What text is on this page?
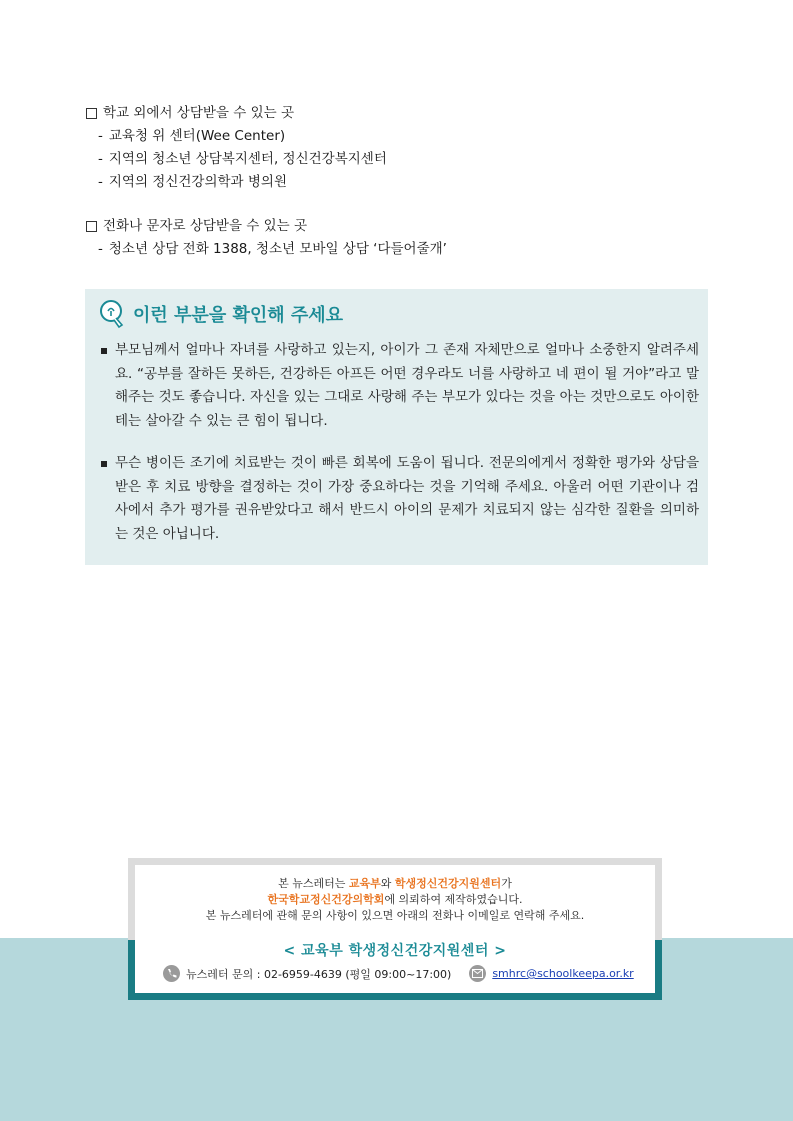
학교 외에서 상담받을 수 있는 곳
- 교육청 위 센터(Wee Center)
- 지역의 청소년 상담복지센터, 정신건강복지센터
- 지역의 정신건강의학과 병의원
전화나 문자로 상담받을 수 있는 곳
- 청소년 상담 전화 1388, 청소년 모바일 상담 ‘다들어줄개’
이런 부분을 확인해 주세요
부모님께서 얼마나 자녀를 사랑하고 있는지, 아이가 그 존재 자체만으로 얼마나 소중한지 알려주세요. “공부를 잘하든 못하든, 건강하든 아프든 어떤 경우라도 너를 사랑하고 네 편이 될 거야”라고 말해주는 것도 좋습니다. 자신을 있는 그대로 사랑해 주는 부모가 있다는 것을 아는 것만으로도 아이한테는 살아갈 수 있는 큰 힘이 됩니다.
무슨 병이든 조기에 치료받는 것이 빠른 회복에 도움이 됩니다. 전문의에게서 정확한 평가와 상담을 받은 후 치료 방향을 결정하는 것이 가장 중요하다는 것을 기억해 주세요. 아울러 어떤 기관이나 검사에서 추가 평가를 권유받았다고 해서 반드시 아이의 문제가 치료되지 않는 심각한 질환을 의미하는 것은 아닙니다.
본 뉴스레터는 교육부와 학생정신건강지원센터가
한국학교정신건강의학회에 의뢰하여 제작하였습니다.
본 뉴스레터에 관해 문의 사항이 있으면 아래의 전화나 이메일로 연락해 주세요.
< 교육부 학생정신건강지원센터 >
뉴스레터 문의 : 02-6959-4639 (평일 09:00~17:00)	smhrc@schoolkeepa.or.kr
